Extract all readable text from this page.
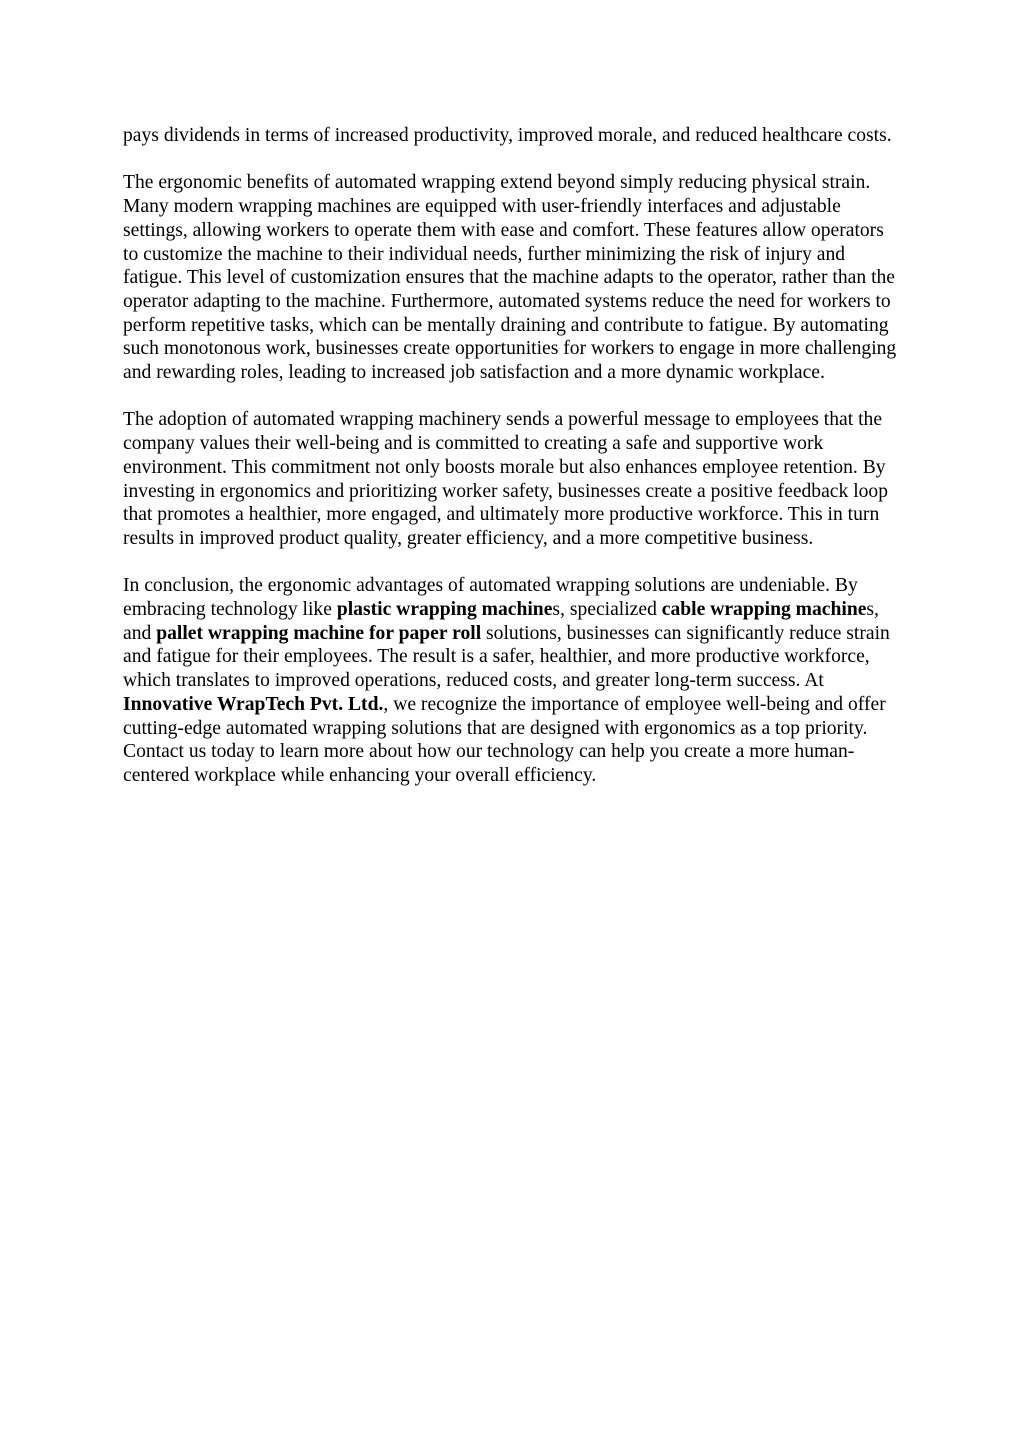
pays dividends in terms of increased productivity, improved morale, and reduced healthcare costs.

The ergonomic benefits of automated wrapping extend beyond simply reducing physical strain. Many modern wrapping machines are equipped with user-friendly interfaces and adjustable settings, allowing workers to operate them with ease and comfort. These features allow operators to customize the machine to their individual needs, further minimizing the risk of injury and fatigue. This level of customization ensures that the machine adapts to the operator, rather than the operator adapting to the machine. Furthermore, automated systems reduce the need for workers to perform repetitive tasks, which can be mentally draining and contribute to fatigue. By automating such monotonous work, businesses create opportunities for workers to engage in more challenging and rewarding roles, leading to increased job satisfaction and a more dynamic workplace.

The adoption of automated wrapping machinery sends a powerful message to employees that the company values their well-being and is committed to creating a safe and supportive work environment. This commitment not only boosts morale but also enhances employee retention. By investing in ergonomics and prioritizing worker safety, businesses create a positive feedback loop that promotes a healthier, more engaged, and ultimately more productive workforce. This in turn results in improved product quality, greater efficiency, and a more competitive business.

In conclusion, the ergonomic advantages of automated wrapping solutions are undeniable. By embracing technology like plastic wrapping machines, specialized cable wrapping machines, and pallet wrapping machine for paper roll solutions, businesses can significantly reduce strain and fatigue for their employees. The result is a safer, healthier, and more productive workforce, which translates to improved operations, reduced costs, and greater long-term success. At Innovative WrapTech Pvt. Ltd., we recognize the importance of employee well-being and offer cutting-edge automated wrapping solutions that are designed with ergonomics as a top priority. Contact us today to learn more about how our technology can help you create a more human-centered workplace while enhancing your overall efficiency.
